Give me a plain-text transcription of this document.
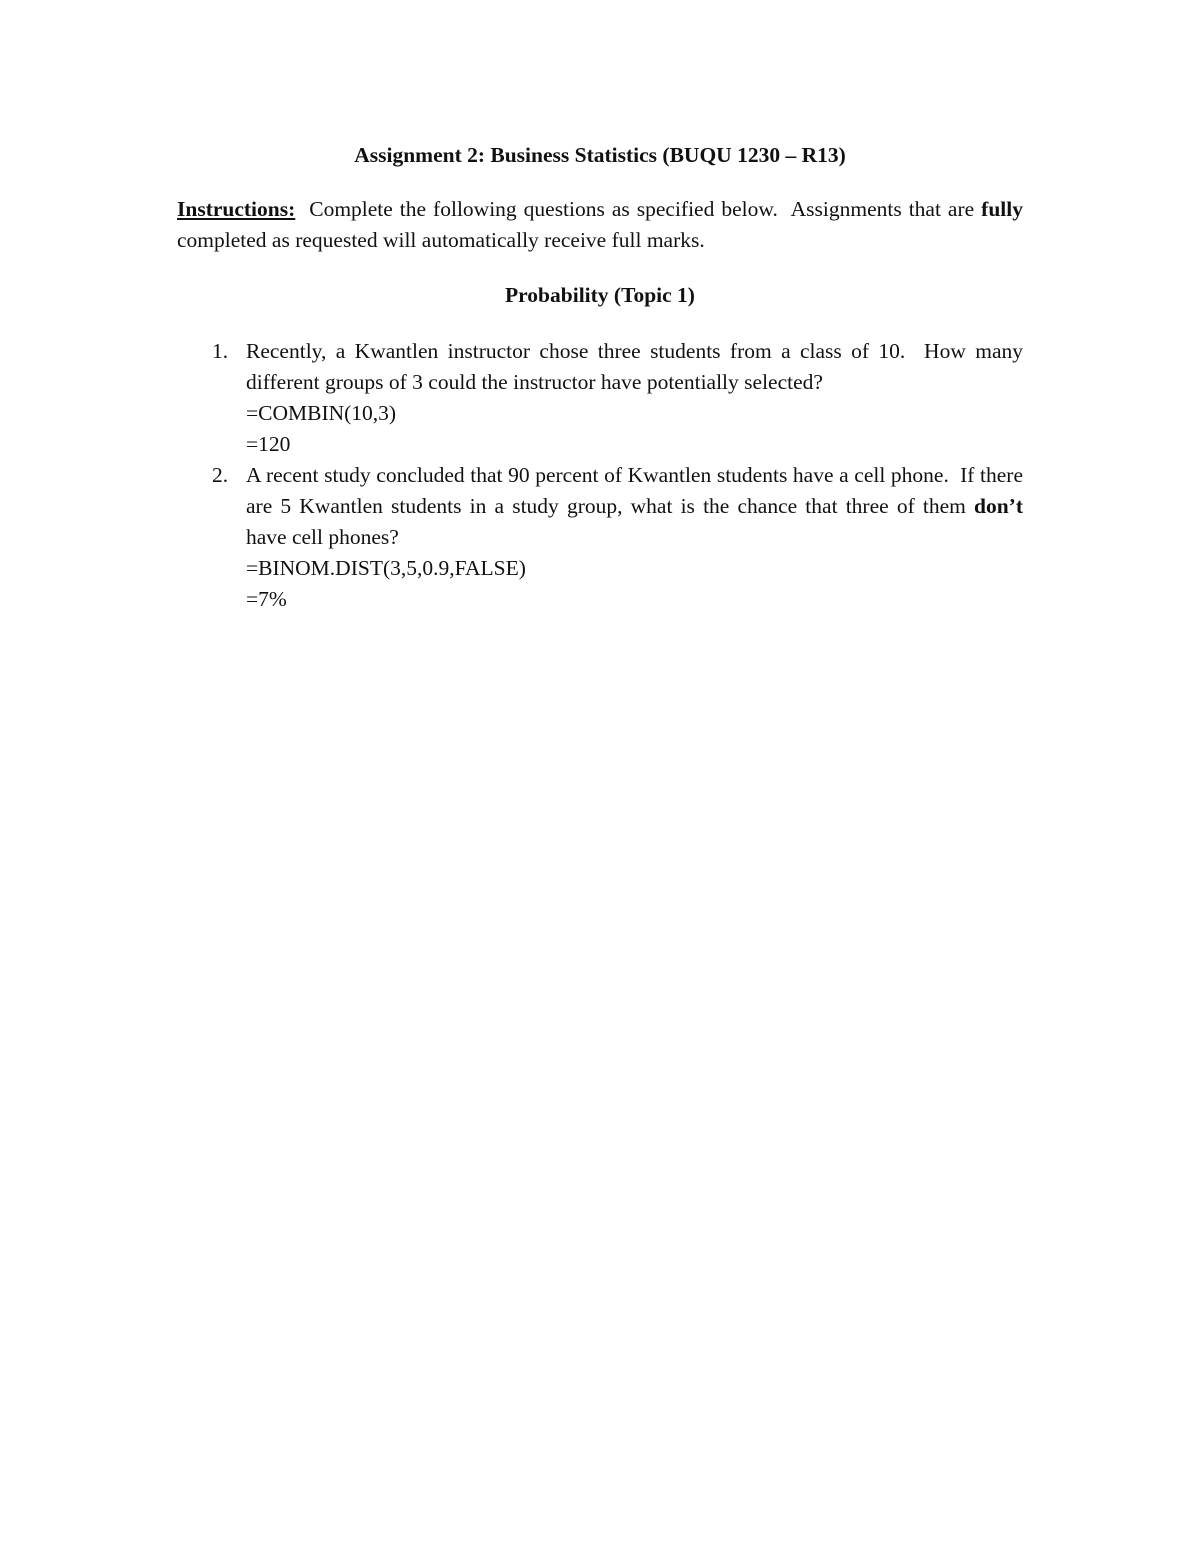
Assignment 2: Business Statistics (BUQU 1230 – R13)

Instructions:  Complete the following questions as specified below.  Assignments that are fully completed as requested will automatically receive full marks.

Probability (Topic 1)

1. Recently, a Kwantlen instructor chose three students from a class of 10.  How many different groups of 3 could the instructor have potentially selected?
=COMBIN(10,3)
=120
2. A recent study concluded that 90 percent of Kwantlen students have a cell phone.  If there are 5 Kwantlen students in a study group, what is the chance that three of them don’t have cell phones?
=BINOM.DIST(3,5,0.9,FALSE)
=7%
